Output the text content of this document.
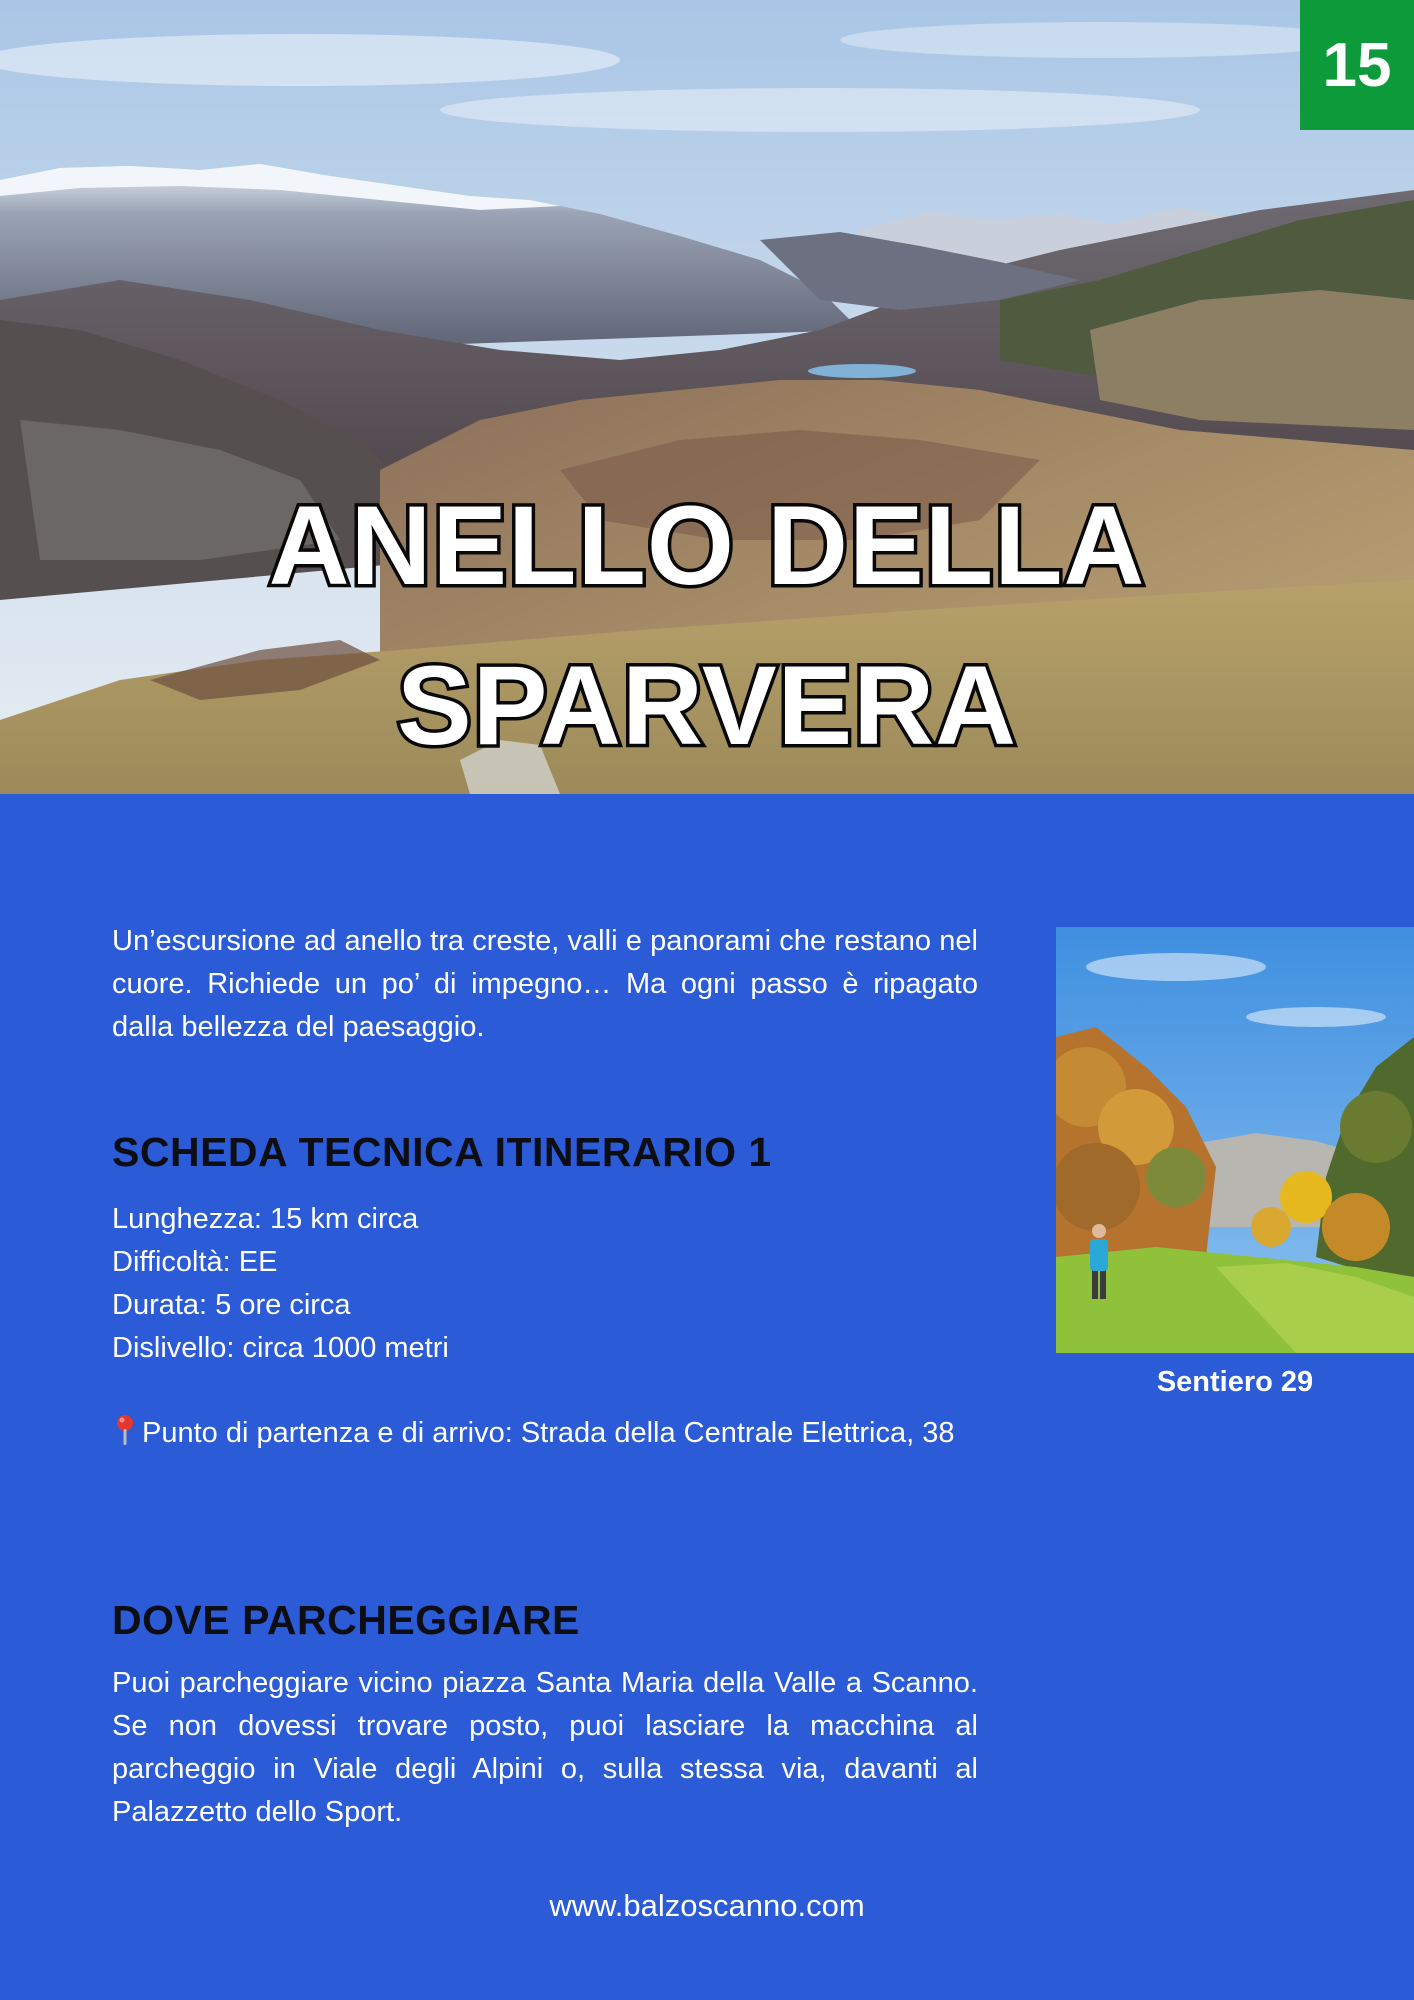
15
ANELLO DELLA
SPARVERA

Un’escursione ad anello tra creste, valli e panorami che restano nel cuore. Richiede un po’ di impegno… Ma ogni passo è ripagato dalla bellezza del paesaggio.

SCHEDA TECNICA ITINERARIO 1
Lunghezza: 15 km circa
Difficoltà: EE
Durata: 5 ore circa
Dislivello: circa 1000 metri

Punto di partenza e di arrivo: Strada della Centrale Elettrica, 38

DOVE PARCHEGGIARE

Puoi parcheggiare vicino piazza Santa Maria della Valle a Scanno. Se non dovessi trovare posto, puoi lasciare la macchina al parcheggio in Viale degli Alpini o, sulla stessa via, davanti al Palazzetto dello Sport.

Sentiero 29
www.balzoscanno.com
